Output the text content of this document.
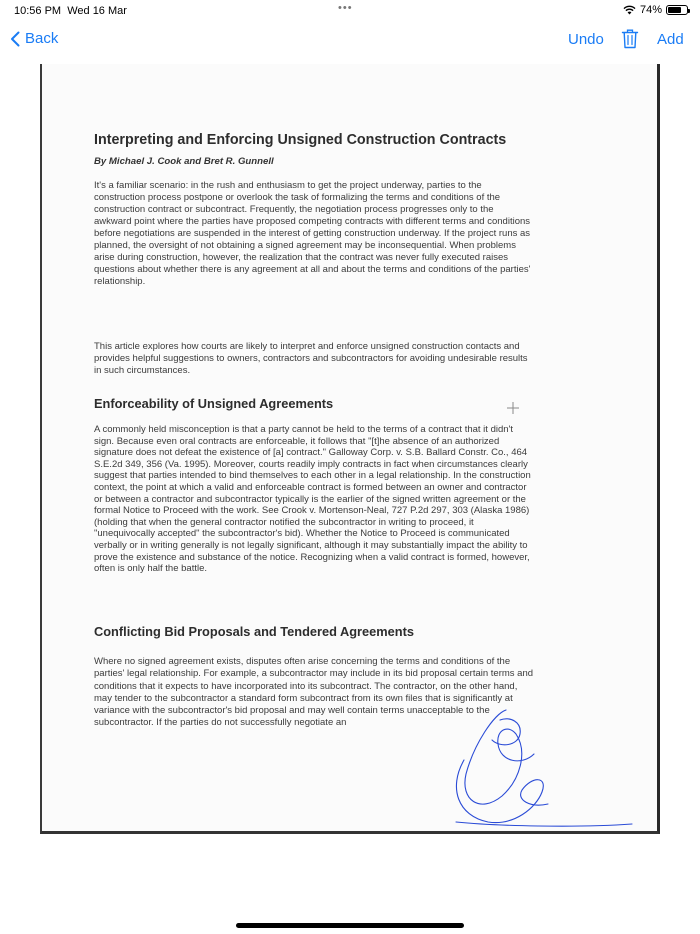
10:56 PM Wed 16 Mar	•••	74%
Back	Undo	Add
Interpreting and Enforcing Unsigned Construction Contracts
By Michael J. Cook and Bret R. Gunnell
It's a familiar scenario: in the rush and enthusiasm to get the project underway, parties to the construction process postpone or overlook the task of formalizing the terms and conditions of the construction contract or subcontract. Frequently, the negotiation process progresses only to the awkward point where the parties have proposed competing contracts with different terms and conditions before negotiations are suspended in the interest of getting construction underway. If the project runs as planned, the oversight of not obtaining a signed agreement may be inconsequential. When problems arise during construction, however, the realization that the contract was never fully executed raises questions about whether there is any agreement at all and about the terms and conditions of the parties' relationship.
This article explores how courts are likely to interpret and enforce unsigned construction contacts and provides helpful suggestions to owners, contractors and subcontractors for avoiding undesirable results in such circumstances.
Enforceability of Unsigned Agreements
A commonly held misconception is that a party cannot be held to the terms of a contract that it didn't sign. Because even oral contracts are enforceable, it follows that "[t]he absence of an authorized signature does not defeat the existence of [a] contract." Galloway Corp. v. S.B. Ballard Constr. Co., 464 S.E.2d 349, 356 (Va. 1995). Moreover, courts readily imply contracts in fact when circumstances clearly suggest that parties intended to bind themselves to each other in a legal relationship. In the construction context, the point at which a valid and enforceable contract is formed between an owner and contractor or between a contractor and subcontractor typically is the earlier of the signed written agreement or the formal Notice to Proceed with the work. See Crook v. Mortenson-Neal, 727 P.2d 297, 303 (Alaska 1986) (holding that when the general contractor notified the subcontractor in writing to proceed, it "unequivocally accepted" the subcontractor's bid). Whether the Notice to Proceed is communicated verbally or in writing generally is not legally significant, although it may substantially impact the ability to prove the existence and substance of the notice. Recognizing when a valid contract is formed, however, often is only half the battle.
Conflicting Bid Proposals and Tendered Agreements
Where no signed agreement exists, disputes often arise concerning the terms and conditions of the parties' legal relationship. For example, a subcontractor may include in its bid proposal certain terms and conditions that it expects to have incorporated into its subcontract. The contractor, on the other hand, may tender to the subcontractor a standard form subcontract from its own files that is significantly at variance with the subcontractor's bid proposal and may well contain terms unacceptable to the subcontractor. If the parties do not successfully negotiate an
